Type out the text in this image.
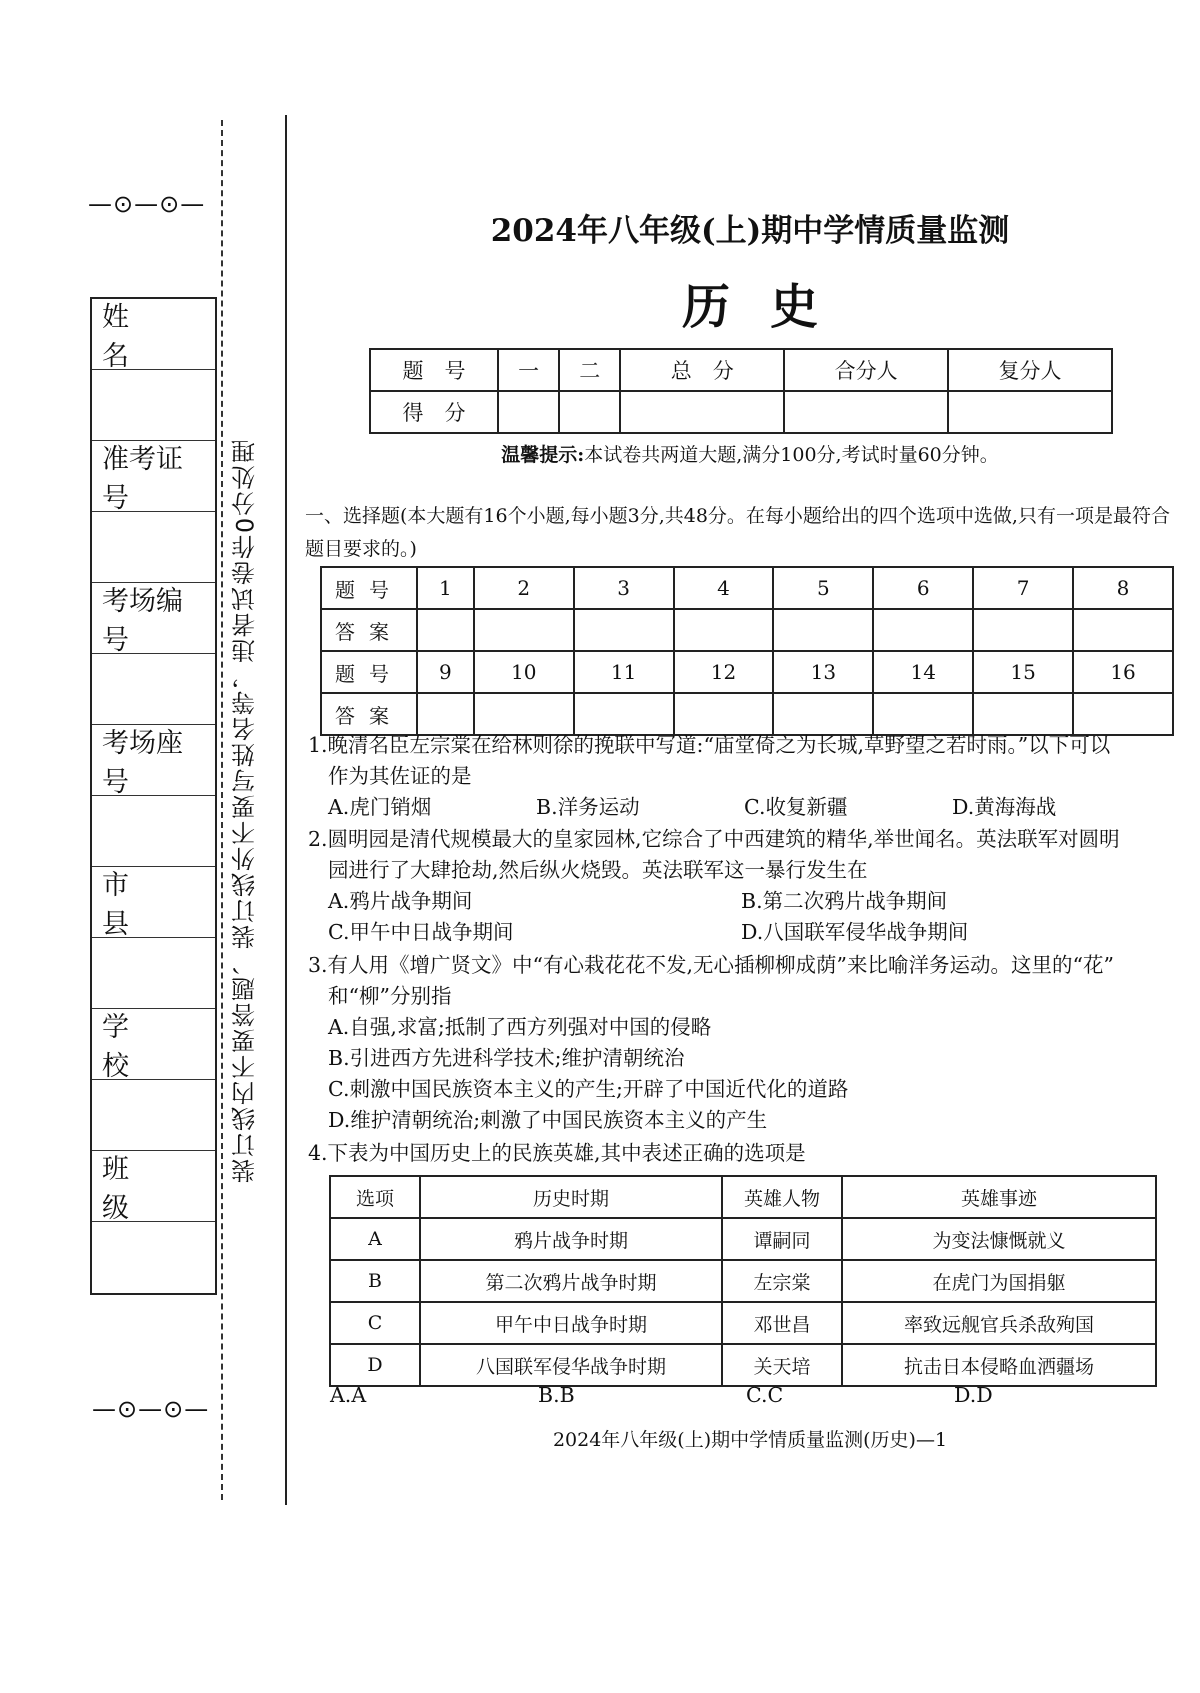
—⊙—⊙—
姓　　名
准考证号
考场编号
考场座号
市　　县
学　　校
班　　级
—⊙—⊙—
装订线内不要答题、装订线外不要写姓名等，违者试卷作0分处理
2024年八年级(上)期中学情质量监测
历史
题　号	一	二	总　分	合分人	复分人
得　分					
温馨提示:本试卷共两道大题,满分100分,考试时量60分钟。
一、选择题(本大题有16个小题,每小题3分,共48分。在每小题给出的四个选项中选做,只有一项是最符合题目要求的。)
题号	1	2	3	4	5	6	7	8
答案								
题号	9	10	11	12	13	14	15	16
答案								
1.晚清名臣左宗棠在给林则徐的挽联中写道:“庙堂倚之为长城,草野望之若时雨。”以下可以
作为其佐证的是
A.虎门销烟	B.洋务运动	C.收复新疆	D.黄海海战
2.圆明园是清代规模最大的皇家园林,它综合了中西建筑的精华,举世闻名。英法联军对圆明
园进行了大肆抢劫,然后纵火烧毁。英法联军这一暴行发生在
A.鸦片战争期间	B.第二次鸦片战争期间
C.甲午中日战争期间	D.八国联军侵华战争期间
3.有人用《增广贤文》中“有心栽花花不发,无心插柳柳成荫”来比喻洋务运动。这里的“花”
和“柳”分别指
A.自强,求富;抵制了西方列强对中国的侵略
B.引进西方先进科学技术;维护清朝统治
C.刺激中国民族资本主义的产生;开辟了中国近代化的道路
D.维护清朝统治;刺激了中国民族资本主义的产生
4.下表为中国历史上的民族英雄,其中表述正确的选项是
选项	历史时期	英雄人物	英雄事迹
A	鸦片战争时期	谭嗣同	为变法慷慨就义
B	第二次鸦片战争时期	左宗棠	在虎门为国捐躯
C	甲午中日战争时期	邓世昌	率致远舰官兵杀敌殉国
D	八国联军侵华战争时期	关天培	抗击日本侵略血洒疆场
A.A	B.B	C.C	D.D
2024年八年级(上)期中学情质量监测(历史)—1
